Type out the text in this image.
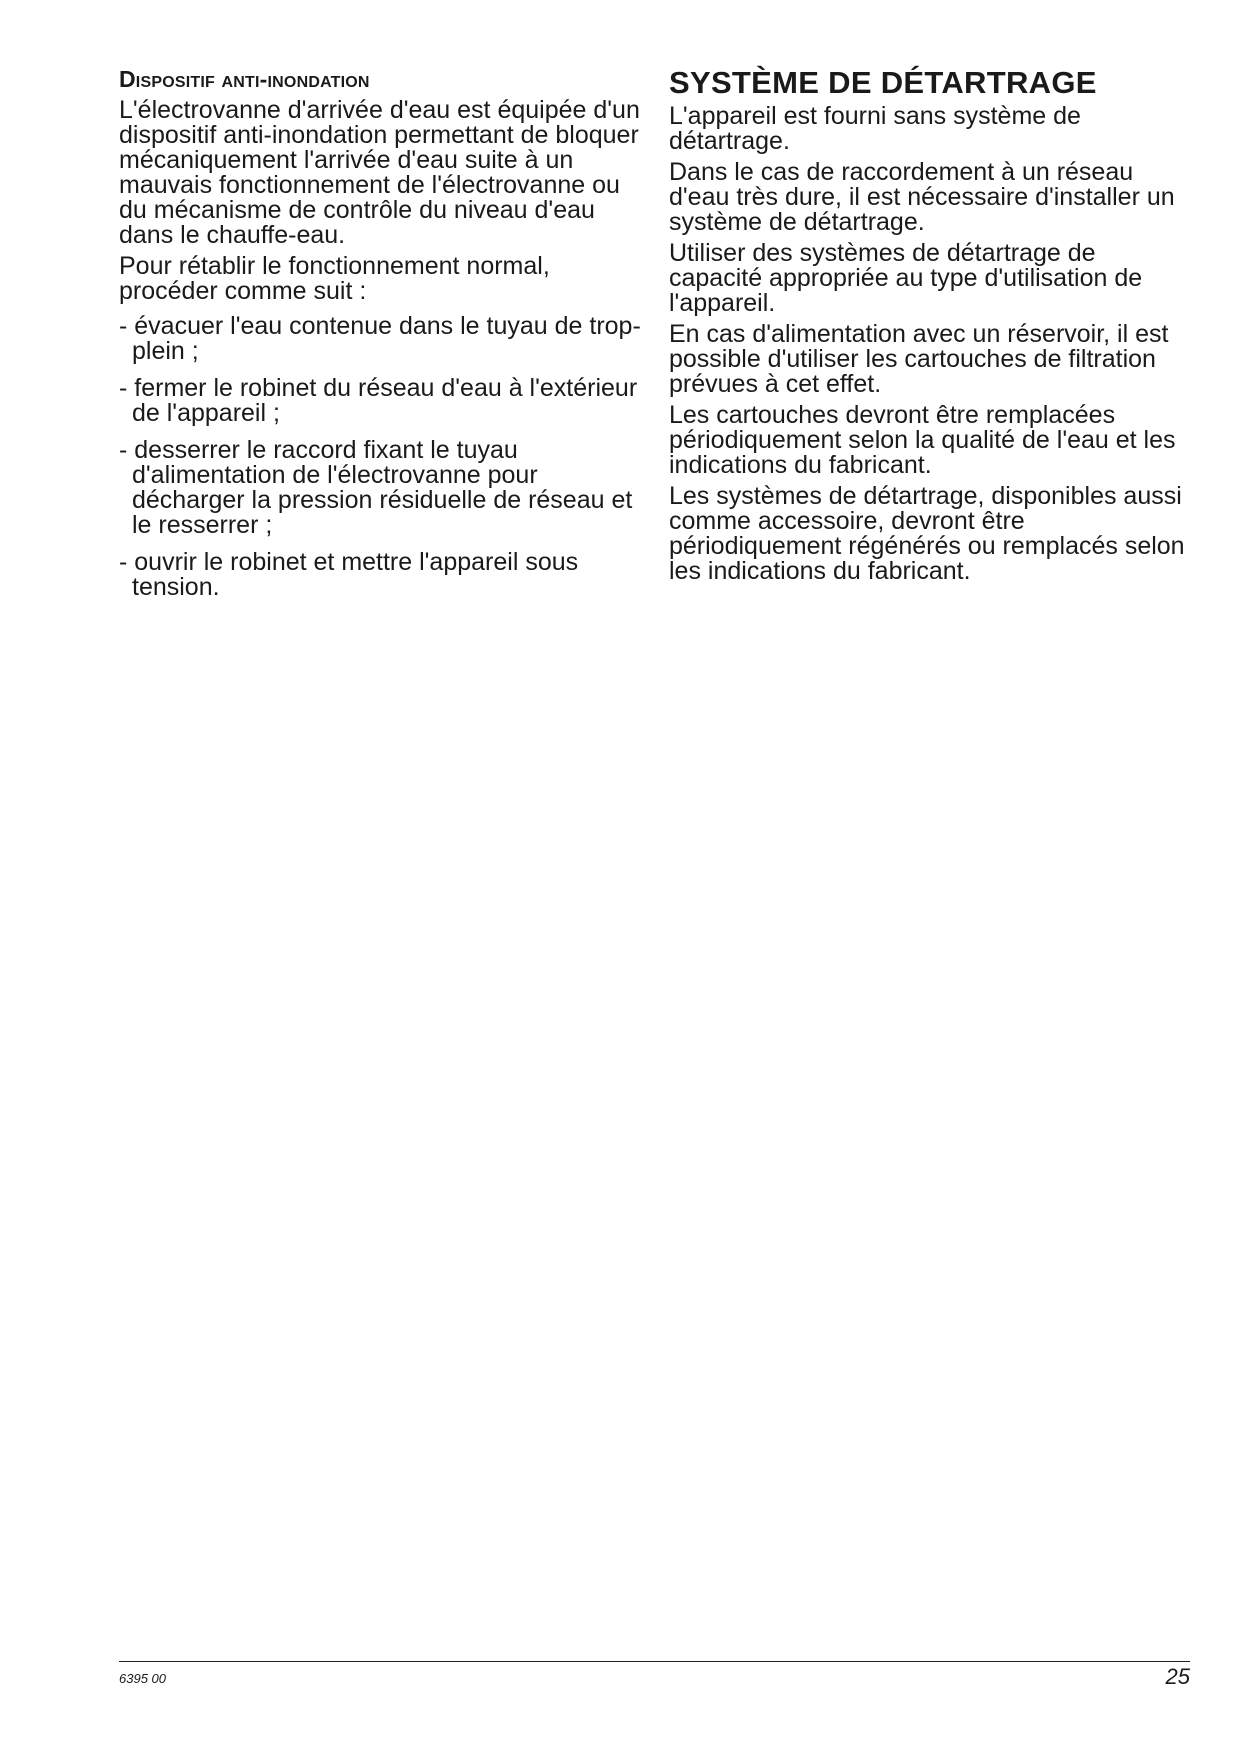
Dispositif anti-inondation

L'électrovanne d'arrivée d'eau est équipée d'un dispositif anti-inondation permettant de bloquer mécaniquement l'arrivée d'eau suite à un mauvais fonctionnement de l'électrovanne ou du mécanisme de contrôle du niveau d'eau dans le chauffe-eau.

Pour rétablir le fonctionnement normal, procéder comme suit :

- évacuer l'eau contenue dans le tuyau de trop-plein ;
- fermer le robinet du réseau d'eau à l'extérieur de l'appareil ;
- desserrer le raccord fixant le tuyau d'alimentation de l'électrovanne pour décharger la pression résiduelle de réseau et le resserrer ;
- ouvrir le robinet et mettre l'appareil sous tension.
SYSTÈME DE DÉTARTRAGE

L'appareil est fourni sans système de détartrage.

Dans le cas de raccordement à un réseau d'eau très dure, il est nécessaire d'installer un système de détartrage.

Utiliser des systèmes de détartrage de capacité appropriée au type d'utilisation de l'appareil.

En cas d'alimentation avec un réservoir, il est possible d'utiliser les cartouches de filtration prévues à cet effet.

Les cartouches devront être remplacées périodiquement selon la qualité de l'eau et les indications du fabricant.

Les systèmes de détartrage, disponibles aussi comme accessoire, devront être périodiquement régénérés ou remplacés selon les indications du fabricant.

6395 00	25
